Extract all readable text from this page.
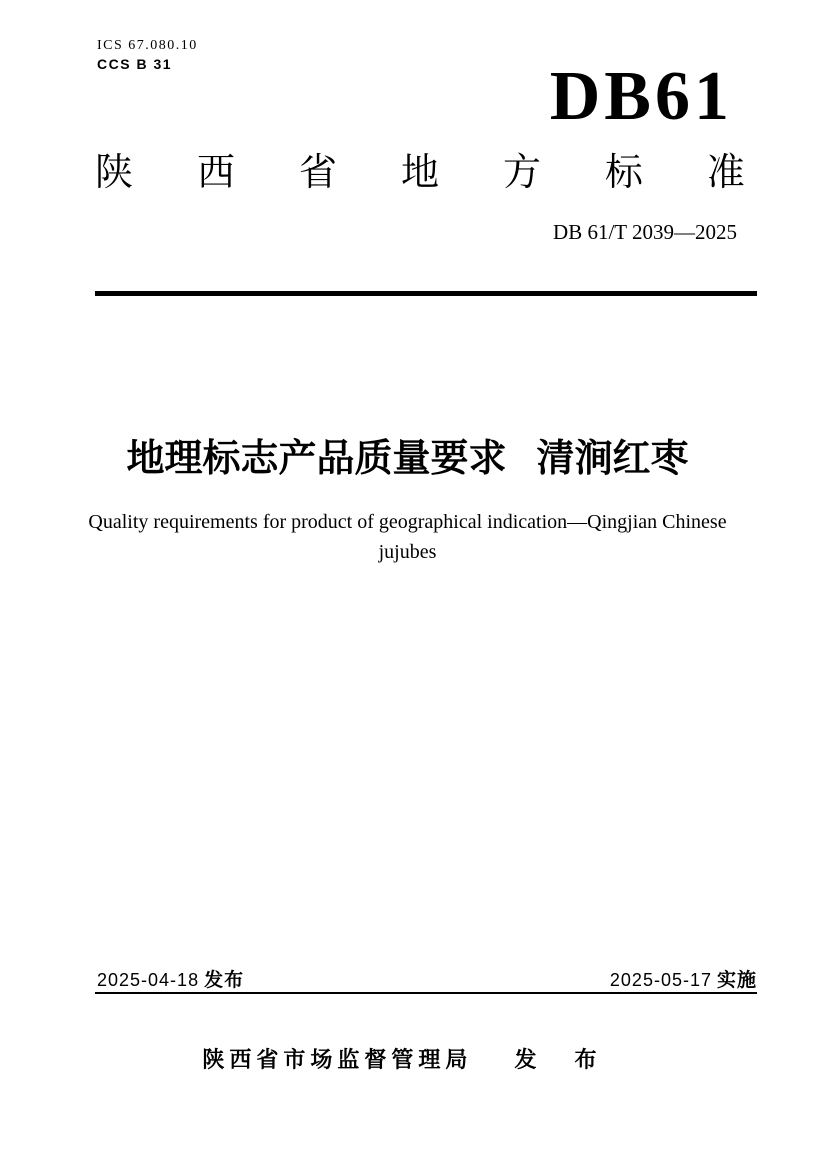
ICS 67.080.10
CCS B 31	DB61
陕 西 省 地 方 标 准
DB 61/T 2039—2025
地理标志产品质量要求 清涧红枣
Quality requirements for product of geographical indication—Qingjian Chinese
jujubes
2025-04-18 发布	2025-05-17 实施
陕西省市场监督管理局 发 布
